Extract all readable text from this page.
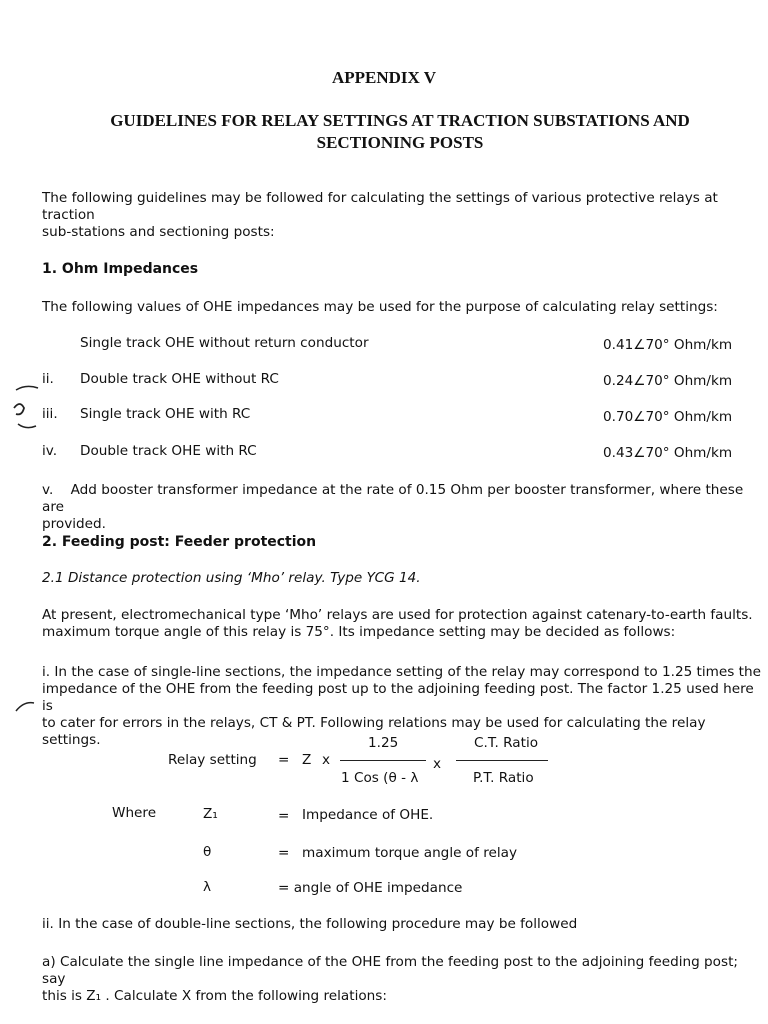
APPENDIX V
GUIDELINES FOR RELAY SETTINGS AT TRACTION SUBSTATIONS AND
SECTIONING POSTS
The following guidelines may be followed for calculating the settings of various protective relays at traction
sub-stations and sectioning posts:
1. Ohm Impedances
The following values of OHE impedances may be used for the purpose of calculating relay settings:
Single track OHE without return conductor	0.41∠70° Ohm/km
ii. Double track OHE without RC	0.24∠70° Ohm/km
iii. Single track OHE with RC	0.70∠70° Ohm/km
iv. Double track OHE with RC	0.43∠70° Ohm/km
v. Add booster transformer impedance at the rate of 0.15 Ohm per booster transformer, where these are
provided.
2. Feeding post: Feeder protection
2.1 Distance protection using ‘Mho’ relay. Type YCG 14.
At present, electromechanical type ‘Mho’ relays are used for protection against catenary-to-earth faults.
maximum torque angle of this relay is 75°. Its impedance setting may be decided as follows:
i. In the case of single-line sections, the impedance setting of the relay may correspond to 1.25 times the
impedance of the OHE from the feeding post up to the adjoining feeding post. The factor 1.25 used here is
to cater for errors in the relays, CT & PT. Following relations may be used for calculating the relay settings.
Relay setting = Z x
1.25
1 Cos (θ - λ
x
C.T. Ratio
P.T. Ratio
Where	Z₁	= Impedance of OHE.
θ	= maximum torque angle of relay
λ	= angle of OHE impedance
ii. In the case of double-line sections, the following procedure may be followed
a) Calculate the single line impedance of the OHE from the feeding post to the adjoining feeding post; say
this is Z₁ . Calculate X from the following relations:
